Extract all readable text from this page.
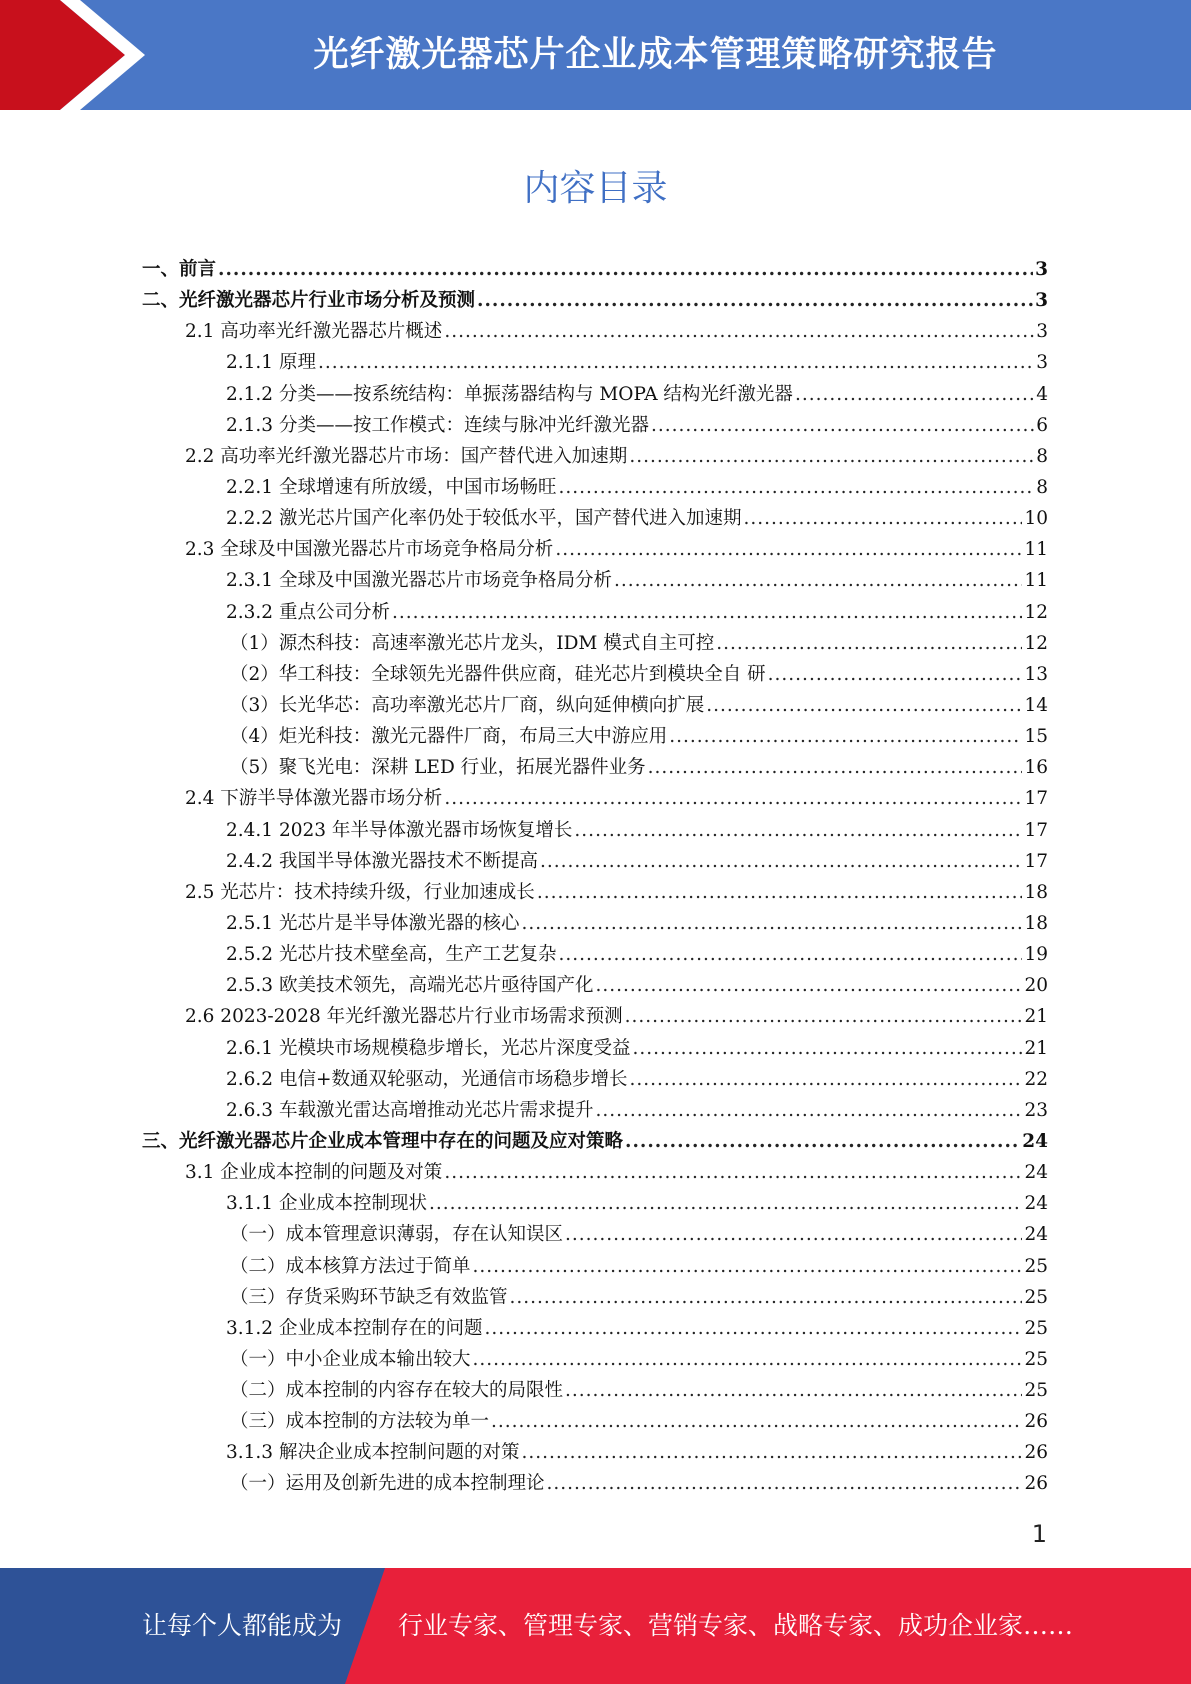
光纤激光器芯片企业成本管理策略研究报告
内容目录
一、前言 .....	3
二、光纤激光器芯片行业市场分析及预测 .....	3
2.1 高功率光纤激光器芯片概述 .....	3
2.1.1 原理 .....	3
2.1.2 分类——按系统结构：单振荡器结构与 MOPA 结构光纤激光器 .....	4
2.1.3 分类——按工作模式：连续与脉冲光纤激光器 .....	6
2.2 高功率光纤激光器芯片市场：国产替代进入加速期 .....	8
2.2.1 全球增速有所放缓，中国市场畅旺 .....	8
2.2.2 激光芯片国产化率仍处于较低水平，国产替代进入加速期 .....	10
2.3 全球及中国激光器芯片市场竞争格局分析 .....	11
2.3.1 全球及中国激光器芯片市场竞争格局分析 .....	11
2.3.2 重点公司分析 .....	12
（1）源杰科技：高速率激光芯片龙头，IDM 模式自主可控 .....	12
（2）华工科技：全球领先光器件供应商，硅光芯片到模块全自 研 .....	13
（3）长光华芯：高功率激光芯片厂商，纵向延伸横向扩展 .....	14
（4）炬光科技：激光元器件厂商，布局三大中游应用 .....	15
（5）聚飞光电：深耕 LED 行业，拓展光器件业务 .....	16
2.4 下游半导体激光器市场分析 .....	17
2.4.1 2023 年半导体激光器市场恢复增长 .....	17
2.4.2 我国半导体激光器技术不断提高 .....	17
2.5 光芯片：技术持续升级，行业加速成长 .....	18
2.5.1 光芯片是半导体激光器的核心 .....	18
2.5.2 光芯片技术壁垒高，生产工艺复杂 .....	19
2.5.3 欧美技术领先，高端光芯片亟待国产化 .....	20
2.6 2023-2028 年光纤激光器芯片行业市场需求预测 .....	21
2.6.1 光模块市场规模稳步增长，光芯片深度受益 .....	21
2.6.2 电信+数通双轮驱动，光通信市场稳步增长 .....	22
2.6.3 车载激光雷达高增推动光芯片需求提升 .....	23
三、光纤激光器芯片企业成本管理中存在的问题及应对策略 .....	24
3.1 企业成本控制的问题及对策 .....	24
3.1.1 企业成本控制现状 .....	24
（一）成本管理意识薄弱，存在认知误区 .....	24
（二）成本核算方法过于简单 .....	25
（三）存货采购环节缺乏有效监管 .....	25
3.1.2 企业成本控制存在的问题 .....	25
（一）中小企业成本输出较大 .....	25
（二）成本控制的内容存在较大的局限性 .....	25
（三）成本控制的方法较为单一 .....	26
3.1.3 解决企业成本控制问题的对策 .....	26
（一）运用及创新先进的成本控制理论 .....	26
1
让每个人都能成为 行业专家、管理专家、营销专家、战略专家、成功企业家……
